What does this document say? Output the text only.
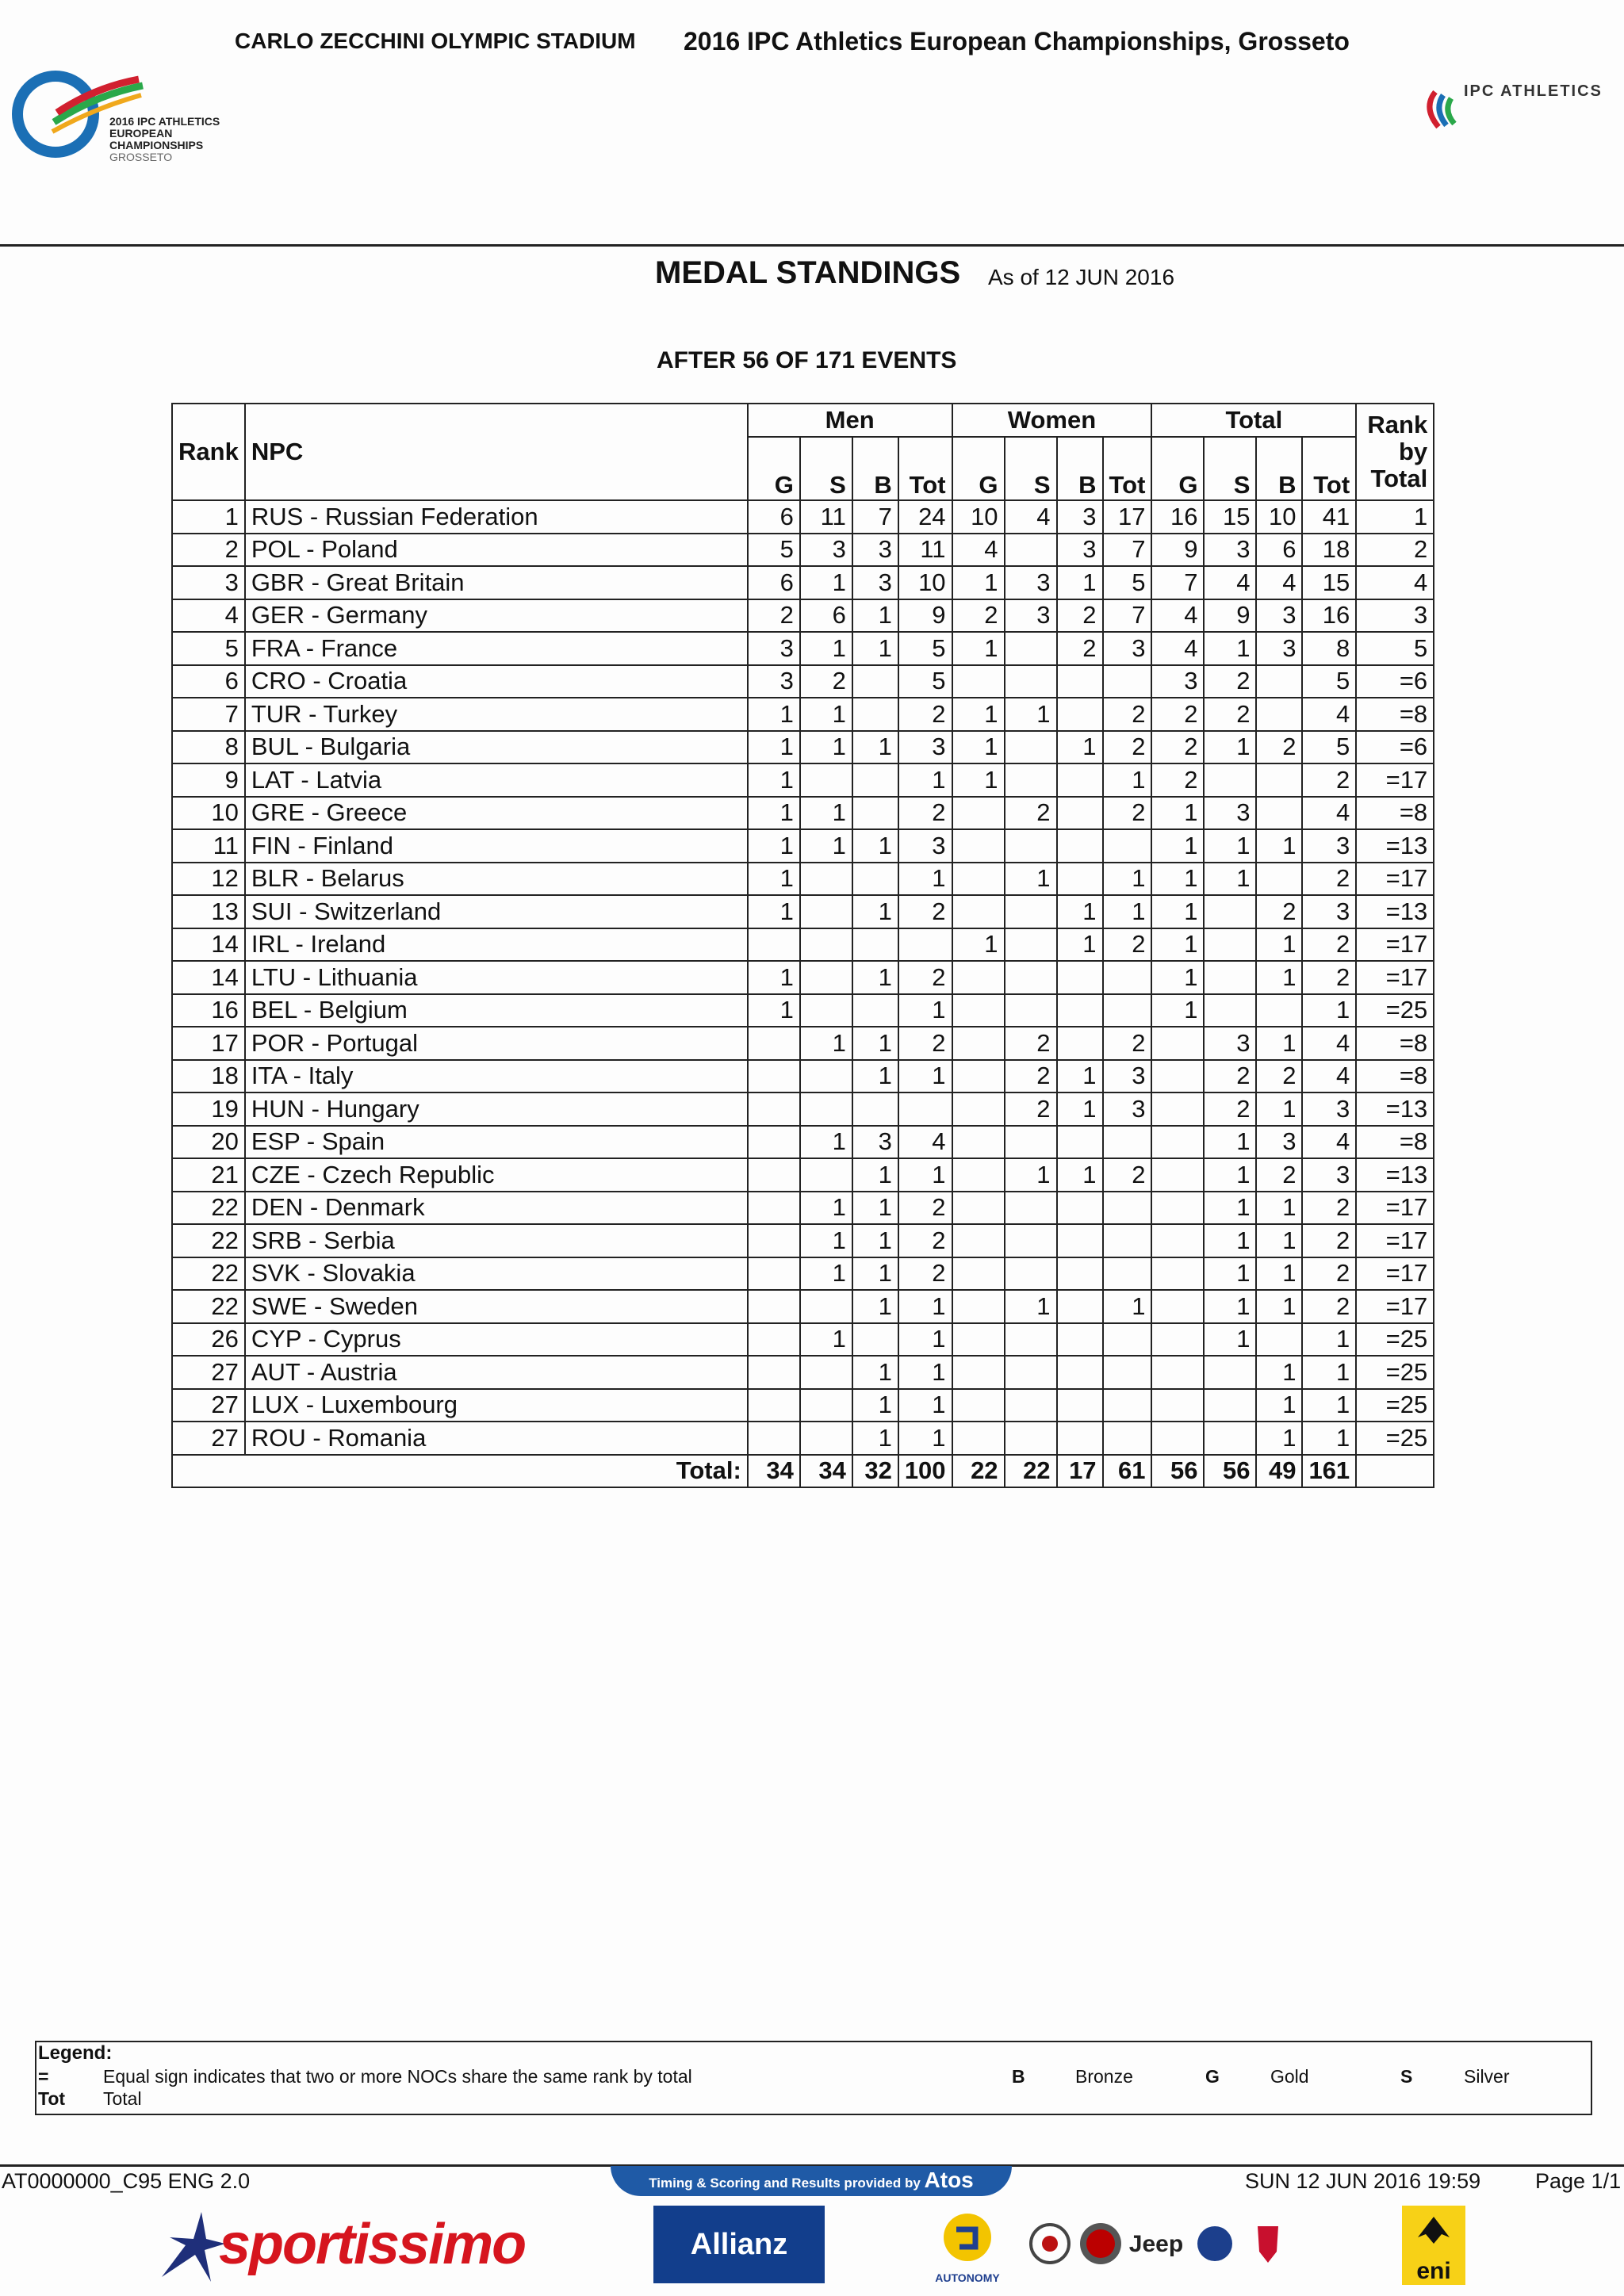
CARLO ZECCHINI OLYMPIC STADIUM 2016 IPC Athletics European Championships, Grosseto
2016 IPC ATHLETICS
EUROPEAN
CHAMPIONSHIPS
GROSSETO
IPC ATHLETICS
MEDAL STANDINGS As of 12 JUN 2016
AFTER 56 OF 171 EVENTS
Rank	NPC	Men				Women				Total				Rank
by
Total

		G	S	B	Tot	G	S	B	Tot	G	S	B	Tot	
1	RUS - Russian Federation	6	11	7	24	10	4	3	17	16	15	10	41	1
2	POL - Poland	5	3	3	11	4		3	7	9	3	6	18	2
3	GBR - Great Britain	6	1	3	10	1	3	1	5	7	4	4	15	4
4	GER - Germany	2	6	1	9	2	3	2	7	4	9	3	16	3
5	FRA - France	3	1	1	5	1		2	3	4	1	3	8	5
6	CRO - Croatia	3	2		5					3	2		5	=6
7	TUR - Turkey	1	1		2	1	1		2	2	2		4	=8
8	BUL - Bulgaria	1	1	1	3	1		1	2	2	1	2	5	=6
9	LAT - Latvia	1			1	1			1	2			2	=17
10	GRE - Greece	1	1		2		2		2	1	3		4	=8
11	FIN - Finland	1	1	1	3					1	1	1	3	=13
12	BLR - Belarus	1			1		1		1	1	1		2	=17
13	SUI - Switzerland	1		1	2			1	1	1		2	3	=13
14	IRL - Ireland					1		1	2	1		1	2	=17
14	LTU - Lithuania	1		1	2					1		1	2	=17
16	BEL - Belgium	1			1					1			1	=25
17	POR - Portugal		1	1	2		2		2		3	1	4	=8
18	ITA - Italy			1	1		2	1	3		2	2	4	=8
19	HUN - Hungary						2	1	3		2	1	3	=13
20	ESP - Spain		1	3	4						1	3	4	=8
21	CZE - Czech Republic			1	1		1	1	2		1	2	3	=13
22	DEN - Denmark		1	1	2						1	1	2	=17
22	SRB - Serbia		1	1	2						1	1	2	=17
22	SVK - Slovakia		1	1	2						1	1	2	=17
22	SWE - Sweden			1	1		1		1		1	1	2	=17
26	CYP - Cyprus		1		1						1		1	=25
27	AUT - Austria			1	1							1	1	=25
27	LUX - Luxembourg			1	1							1	1	=25
27	ROU - Romania			1	1							1	1	=25
Total:		34	34	32	100	22	22	17	61	56	56	49	161	
Legend:
=	Equal sign indicates that two or more NOCs share the same rank by total
Tot Total
B	Bronze	G	Gold	S	Silver
AT0000000_C95 ENG 2.0	Timing & Scoring and Results provided by Atos	SUN 12 JUN 2016 19:59	Page 1/1
sportissimo	Allianz
AUTONOMY
Jeep
eni
